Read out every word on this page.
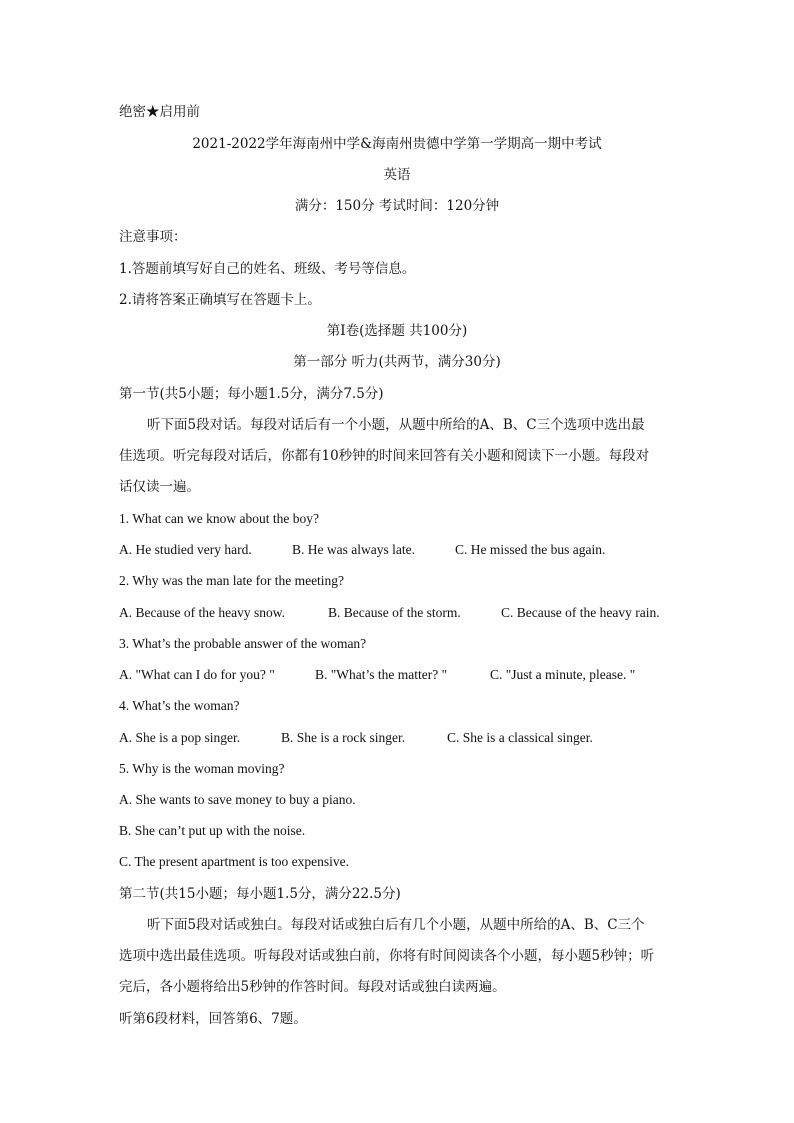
绝密★启用前
2021-2022学年海南州中学&海南州贵德中学第一学期高一期中考试
英语
满分：150分 考试时间：120分钟
注意事项：
1.答题前填写好自己的姓名、班级、考号等信息。
2.请将答案正确填写在答题卡上。
第I卷(选择题 共100分)
第一部分 听力(共两节，满分30分)
第一节(共5小题；每小题1.5分，满分7.5分)
听下面5段对话。每段对话后有一个小题，从题中所给的A、B、C三个选项中选出最
佳选项。听完每段对话后，你都有10秒钟的时间来回答有关小题和阅读下一小题。每段对
话仅读一遍。
1. What can we know about the boy?
A. He studied very hard.	B. He was always late.	C. He missed the bus again.
2. Why was the man late for the meeting?
A. Because of the heavy snow.	B. Because of the storm.	C. Because of the heavy rain.
3. What’s the probable answer of the woman?
A. "What can I do for you? "	B. "What’s the matter? "	C. "Just a minute, please. "
4. What’s the woman?
A. She is a pop singer.	B. She is a rock singer.	C. She is a classical singer.
5. Why is the woman moving?
A. She wants to save money to buy a piano.
B. She can’t put up with the noise.
C. The present apartment is too expensive.
第二节(共15小题；每小题1.5分，满分22.5分)
听下面5段对话或独白。每段对话或独白后有几个小题，从题中所给的A、B、C三个
选项中选出最佳选项。听每段对话或独白前，你将有时间阅读各个小题，每小题5秒钟；听
完后，各小题将给出5秒钟的作答时间。每段对话或独白读两遍。
听第6段材料，回答第6、7题。
